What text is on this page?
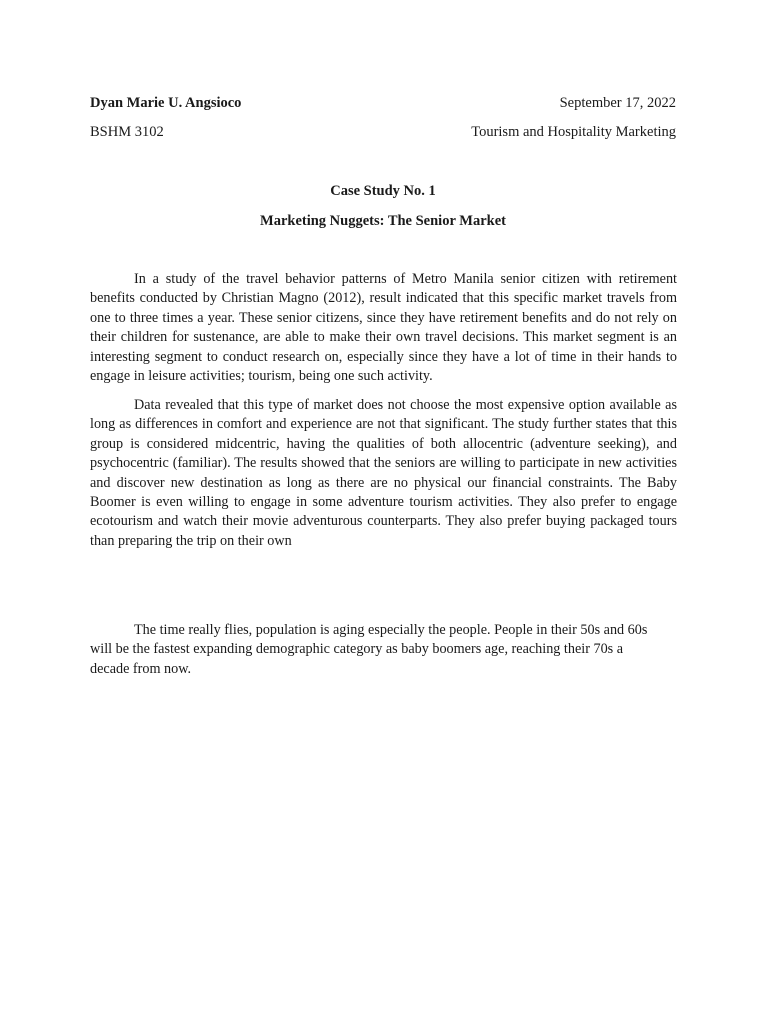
Dyan Marie U. Angsioco	September 17, 2022
BSHM 3102	Tourism and Hospitality Marketing
Case Study No. 1
Marketing Nuggets: The Senior Market

In a study of the travel behavior patterns of Metro Manila senior citizen with retirement benefits conducted by Christian Magno (2012), result indicated that this specific market travels from one to three times a year. These senior citizens, since they have retirement benefits and do not rely on their children for sustenance, are able to make their own travel decisions. This market segment is an interesting segment to conduct research on, especially since they have a lot of time in their hands to engage in leisure activities; tourism, being one such activity.

Data revealed that this type of market does not choose the most expensive option available as long as differences in comfort and experience are not that significant. The study further states that this group is considered midcentric, having the qualities of both allocentric (adventure seeking), and psychocentric (familiar). The results showed that the seniors are willing to participate in new activities and discover new destination as long as there are no physical our financial constraints. The Baby Boomer is even willing to engage in some adventure tourism activities. They also prefer to engage ecotourism and watch their movie adventurous counterparts. They also prefer buying packaged tours than preparing the trip on their own

The time really flies, population is aging especially the people. People in their 50s and 60s will be the fastest expanding demographic category as baby boomers age, reaching their 70s a decade from now.
